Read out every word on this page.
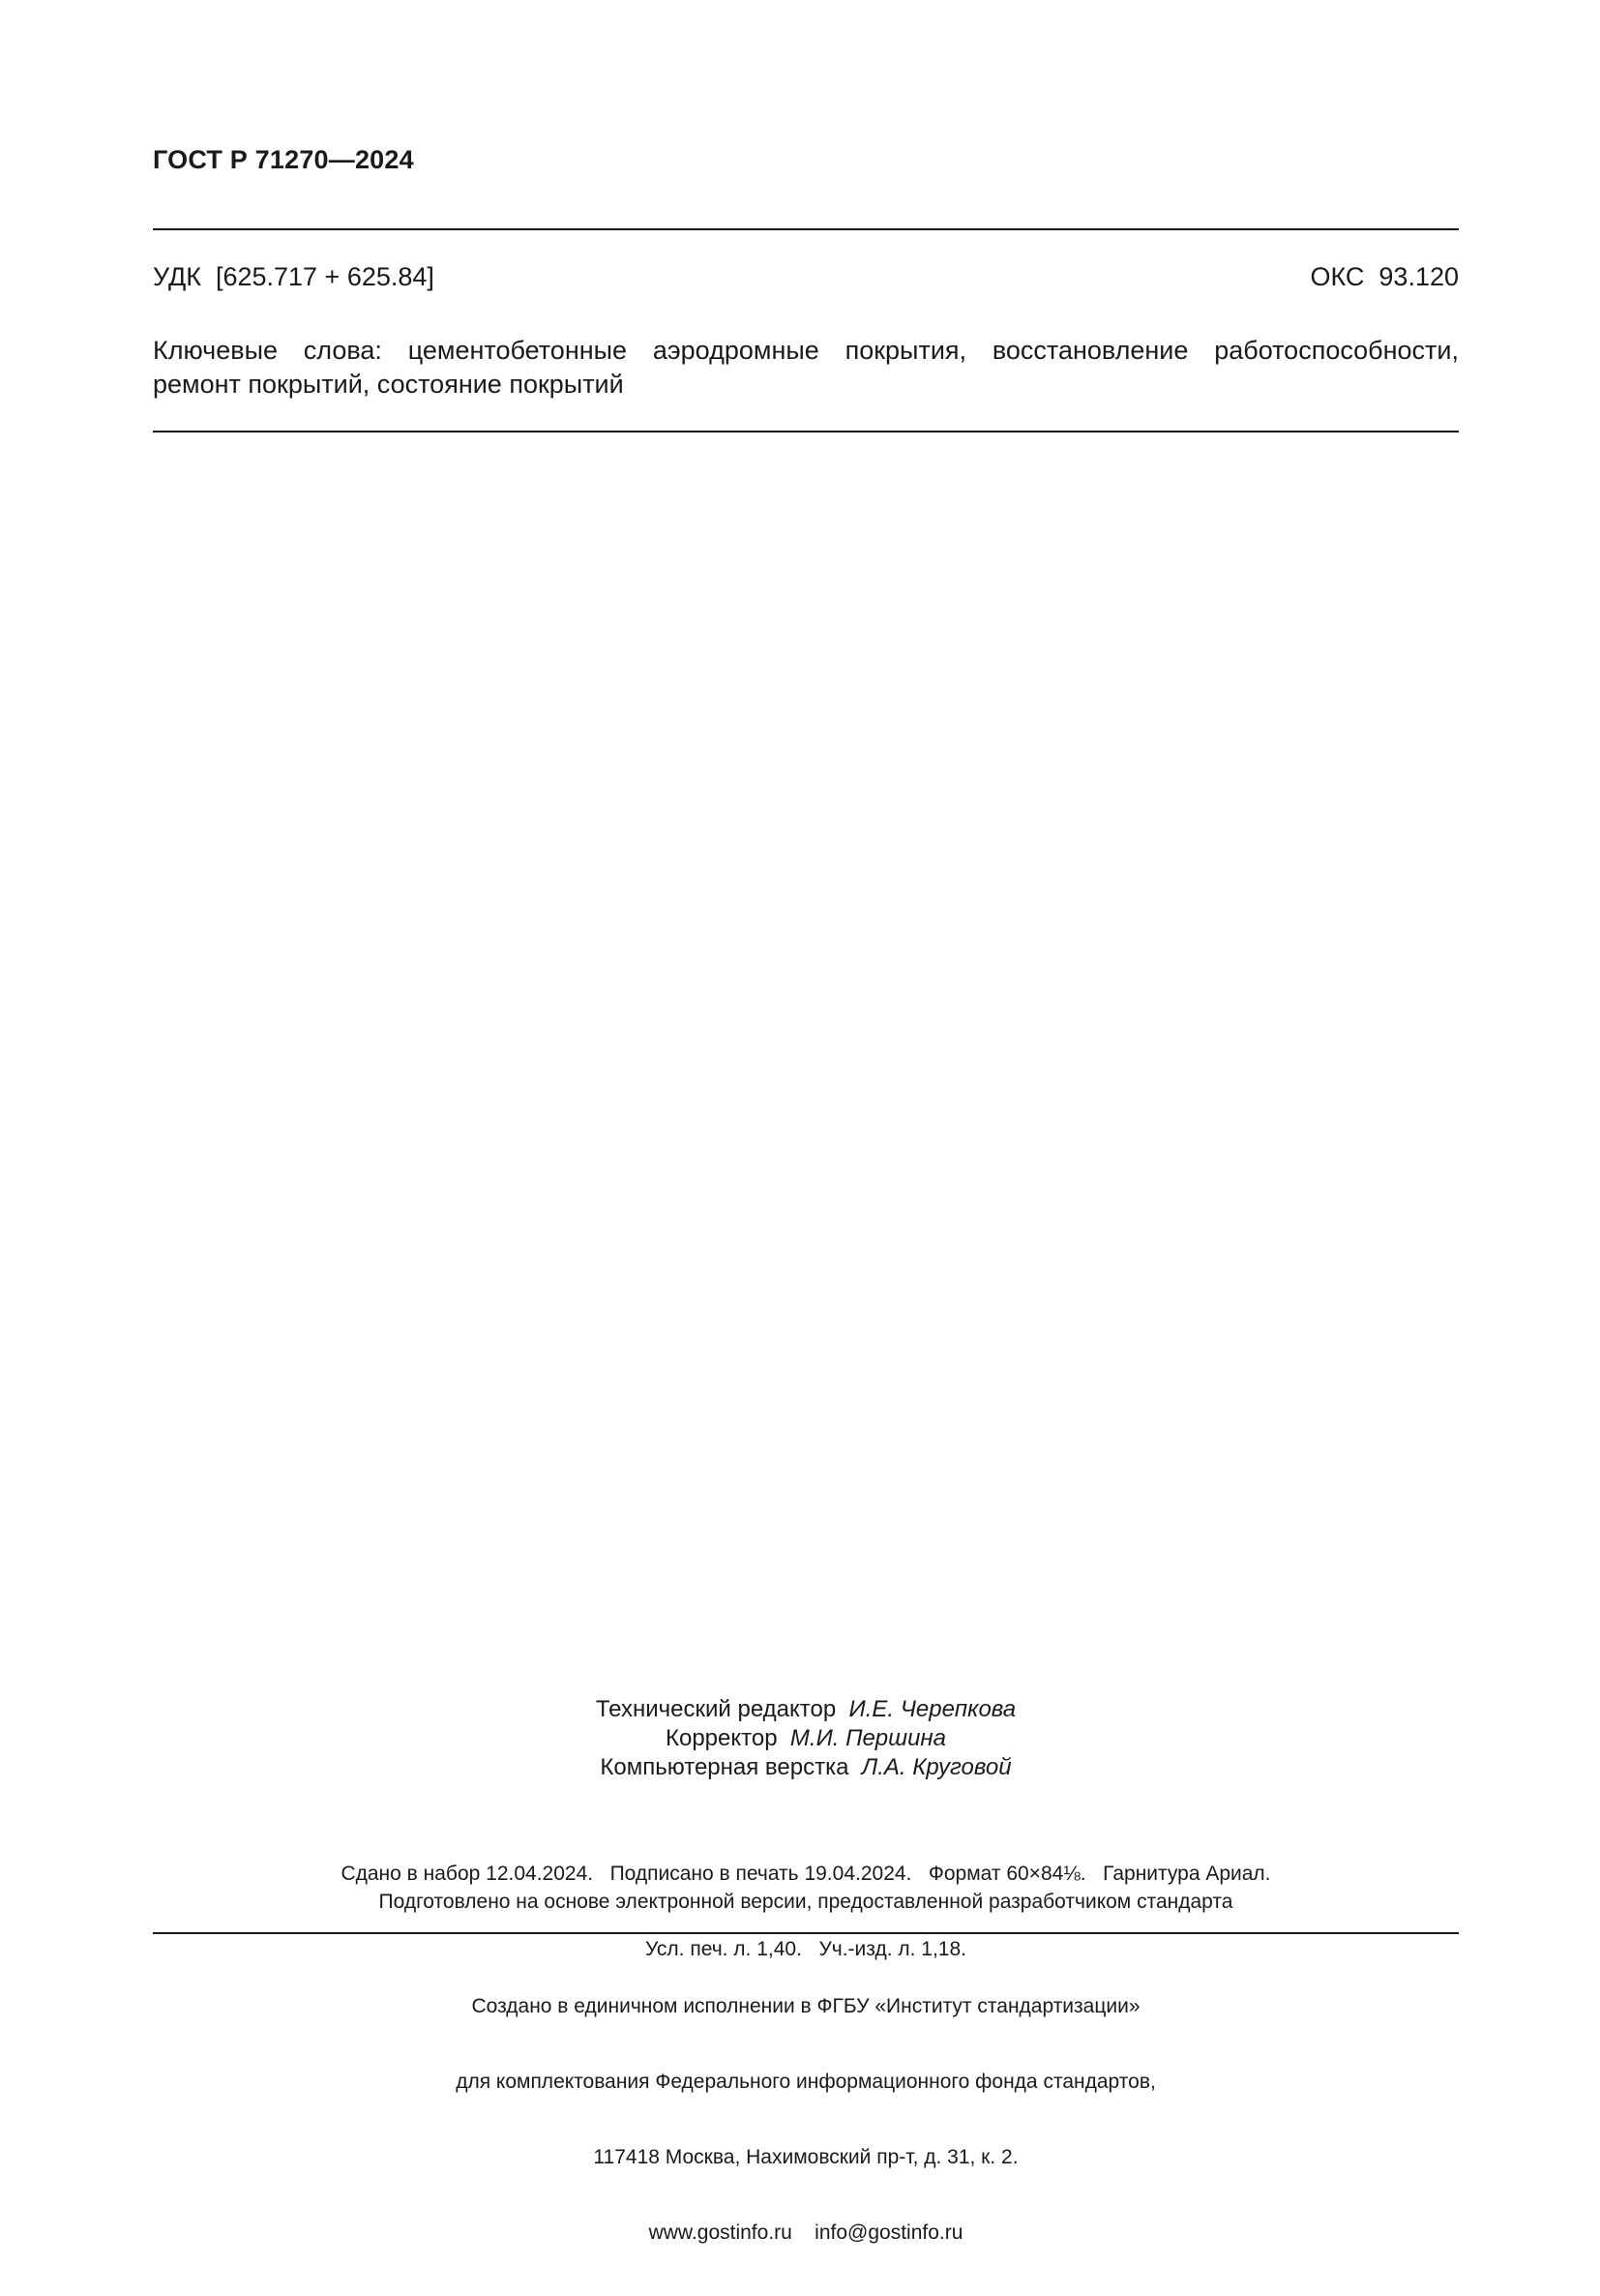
ГОСТ Р 71270—2024
УДК  [625.717 + 625.84]	ОКС  93.120
Ключевые слова: цементобетонные аэродромные покрытия, восстановление работоспособности,
ремонт покрытий, состояние покрытий
Технический редактор И.Е. Черепкова
Корректор М.И. Першина
Компьютерная верстка Л.А. Круговой

Сдано в набор 12.04.2024.   Подписано в печать 19.04.2024.   Формат 60×84⅛.   Гарнитура Ариал.

Усл. печ. л. 1,40.   Уч.-изд. л. 1,18.

Подготовлено на основе электронной версии, предоставленной разработчиком стандарта

Создано в единичном исполнении в ФГБУ «Институт стандартизации»

для комплектования Федерального информационного фонда стандартов,

117418 Москва, Нахимовский пр-т, д. 31, к. 2.

www.gostinfo.ru    info@gostinfo.ru
